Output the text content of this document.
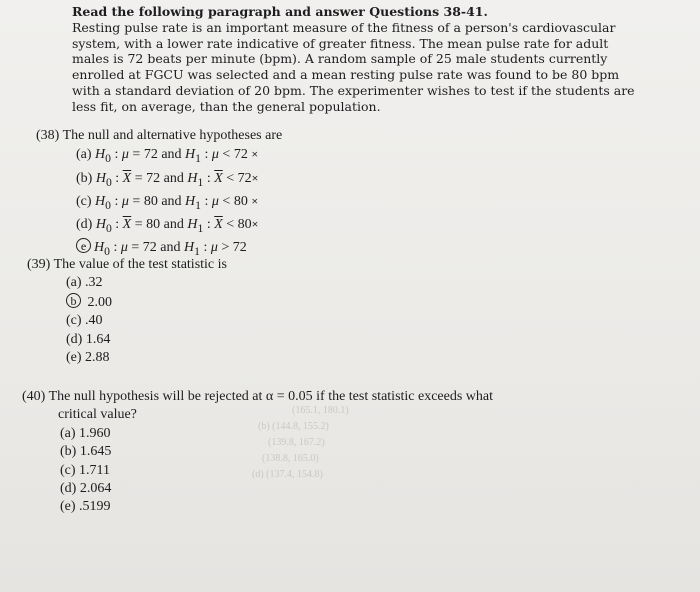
Read the following paragraph and answer Questions 38-41.
Resting pulse rate is an important measure of the fitness of a person's cardiovascular system, with a lower rate indicative of greater fitness. The mean pulse rate for adult males is 72 beats per minute (bpm). A random sample of 25 male students currently enrolled at FGCU was selected and a mean resting pulse rate was found to be 80 bpm with a standard deviation of 20 bpm. The experimenter wishes to test if the students are less fit, on average, than the general population.
(38) The null and alternative hypotheses are
(a) $H_0$ : μ = 72 and $H_1$ : μ < 72 ×
(b) $H_0$ : $\overline{X} = 72$ and $H_1$ : $\overline{X} < 72\times$
(c) $H_0$ : μ = 80 and $H_1$ : μ < 80 ×
(d) $H_0$ : $\overline{X} = 80$ and $H_1$ : $\overline{X} < 80\times$
e $H_0$ : μ = 72 and $H_1$ : μ > 72
(39) The value of the test statistic is
(a) .32
b 2.00
(c) .40
(d) 1.64
(e) 2.88
(40) The null hypothesis will be rejected at α = 0.05 if the test statistic exceeds what
critical value?
(a) 1.960
(b) 1.645
(c) 1.711
(d) 2.064
(e) .5199
(165.1, 180.1)
(b) (144.8, 155.2)
(139.8, 167.2)
(138.8, 165.0)
(d) (137.4, 154.8)
